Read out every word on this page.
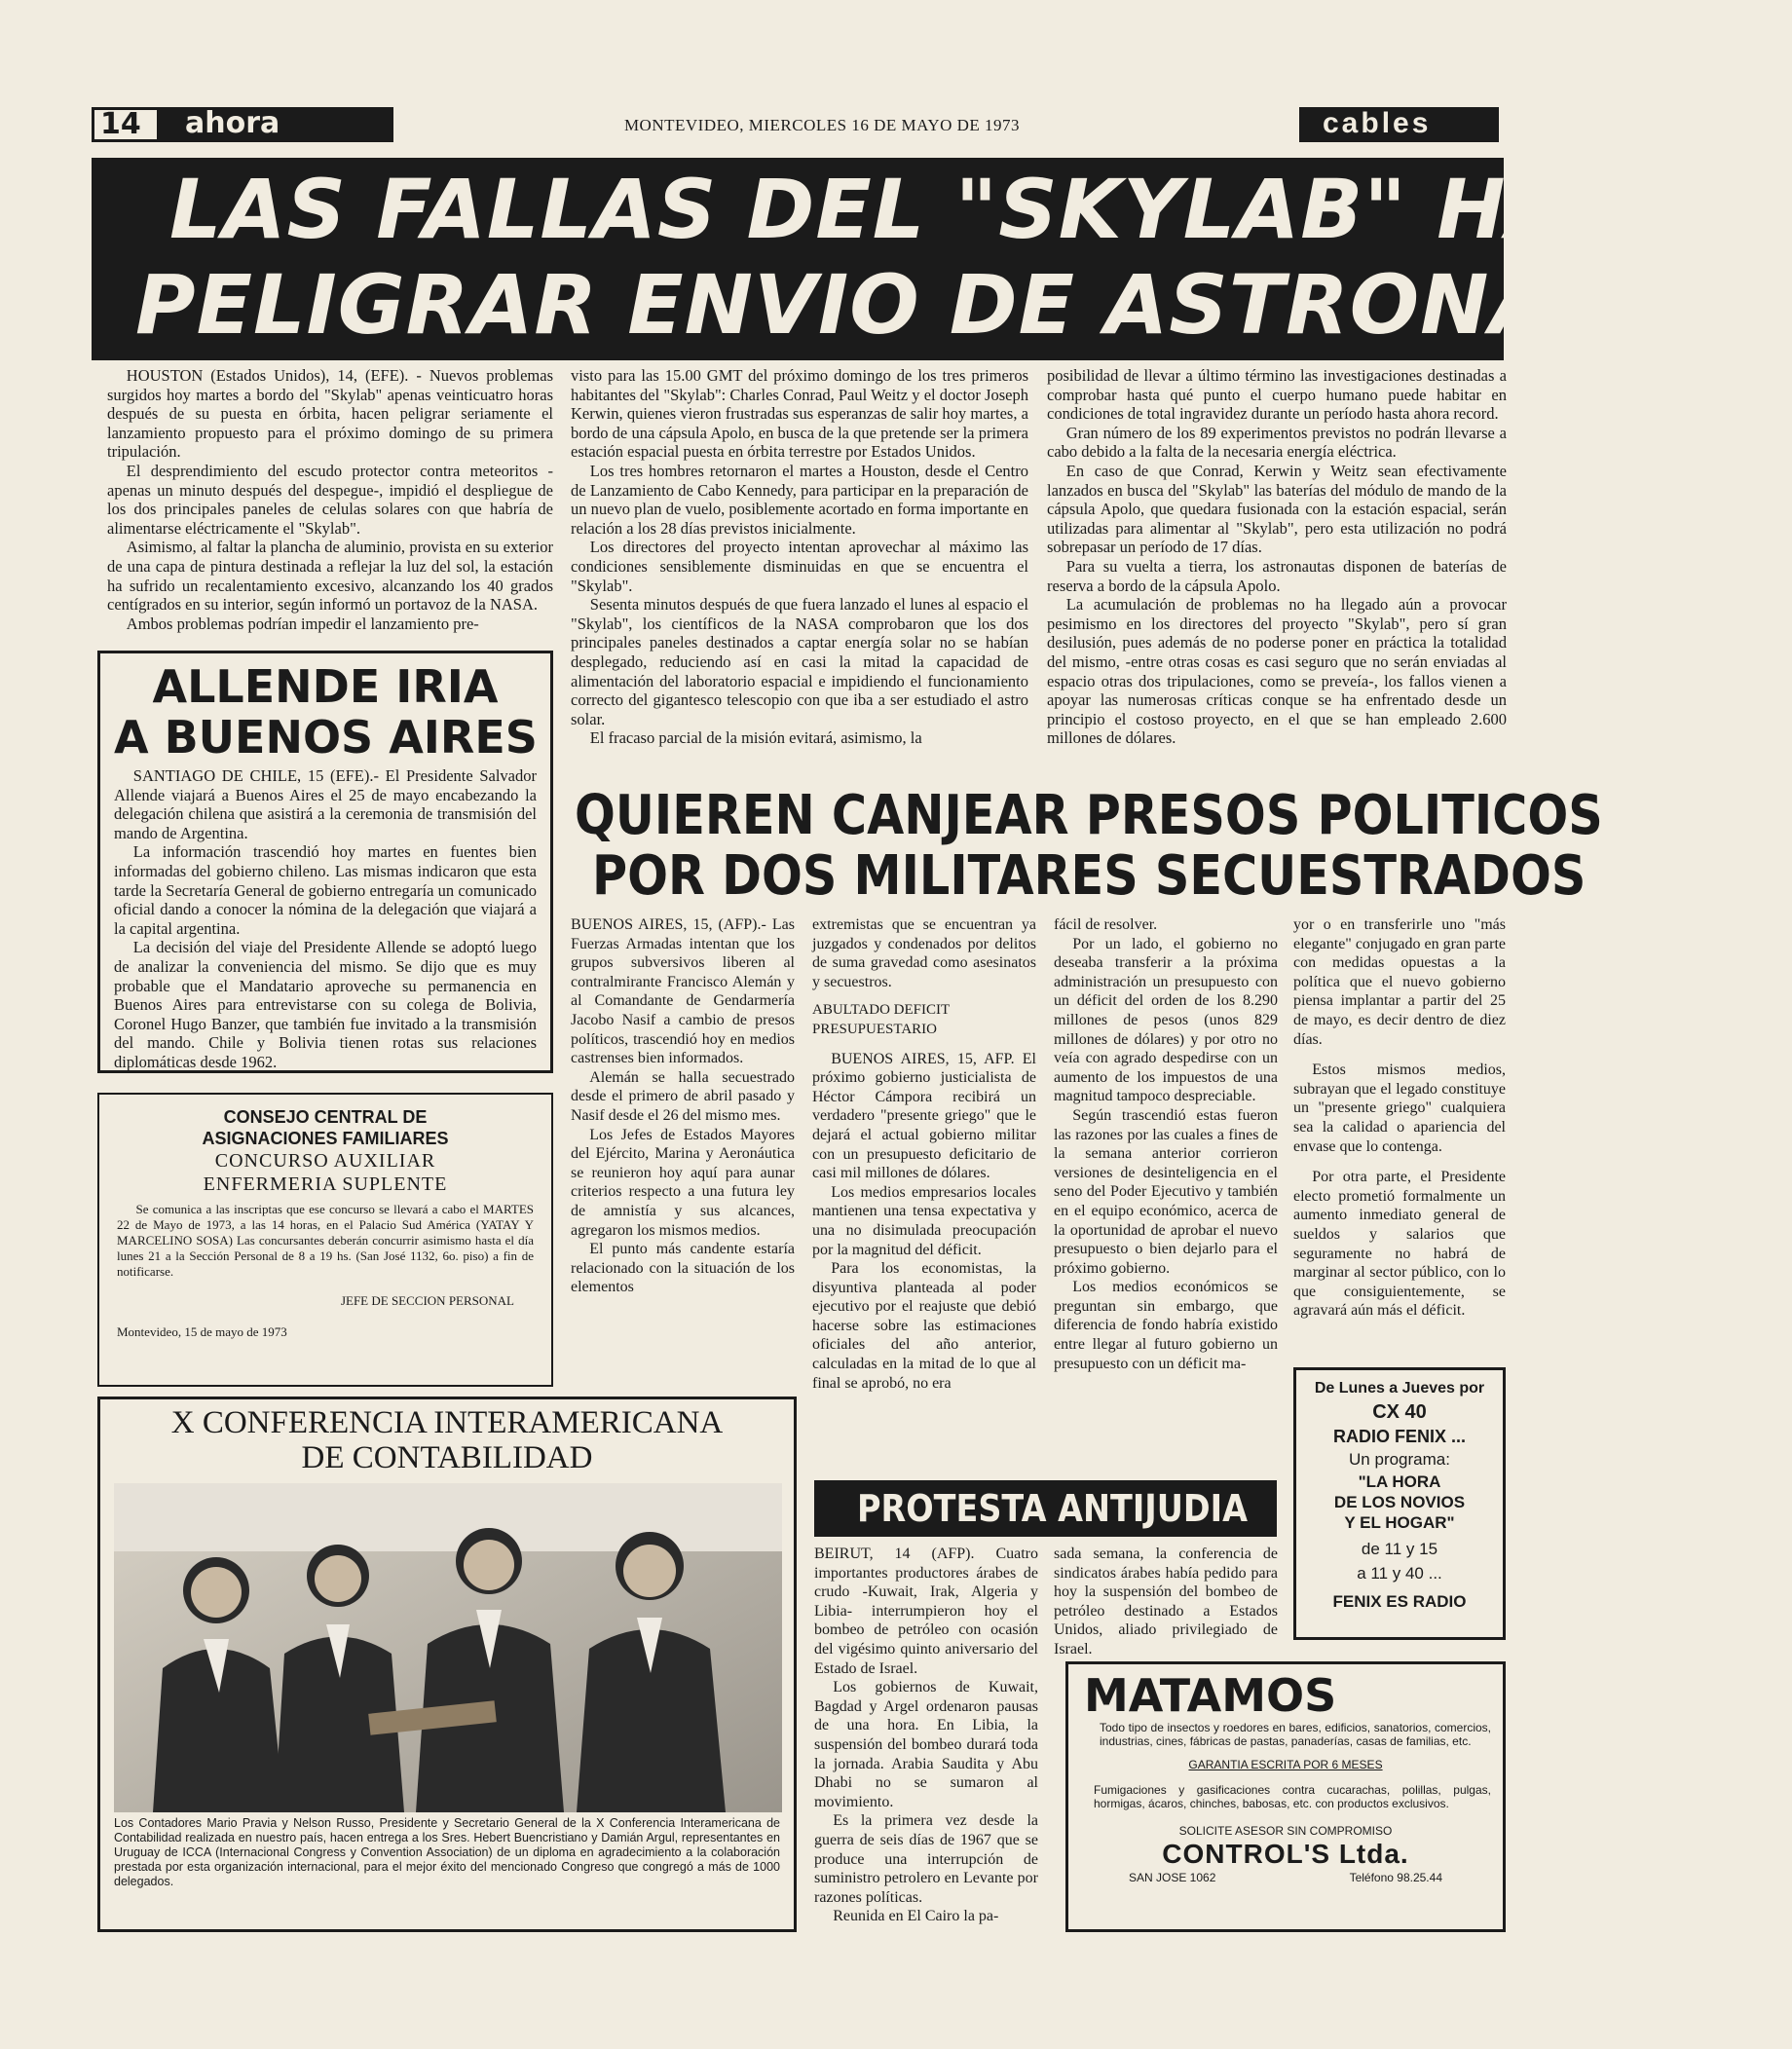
14 ahora	MONTEVIDEO, MIERCOLES 16 DE MAYO DE 1973	cables
LAS FALLAS DEL "SKYLAB" HACEN
PELIGRAR ENVIO DE ASTRONAUTAS

HOUSTON (Estados Unidos), 14, (EFE). - Nuevos problemas surgidos hoy martes a bordo del "Skylab" apenas veinticuatro horas después de su puesta en órbita, hacen peligrar seriamente el lanzamiento propuesto para el próximo domingo de su primera tripulación.

El desprendimiento del escudo protector contra meteoritos -apenas un minuto después del despegue-, impidió el despliegue de los dos principales paneles de celulas solares con que habría de alimentarse eléctricamente el "Skylab".

Asimismo, al faltar la plancha de aluminio, provista en su exterior de una capa de pintura destinada a reflejar la luz del sol, la estación ha sufrido un recalentamiento excesivo, alcanzando los 40 grados centígrados en su interior, según informó un portavoz de la NASA.

Ambos problemas podrían impedir el lanzamiento pre-

visto para las 15.00 GMT del próximo domingo de los tres primeros habitantes del "Skylab": Charles Conrad, Paul Weitz y el doctor Joseph Kerwin, quienes vieron frustradas sus esperanzas de salir hoy martes, a bordo de una cápsula Apolo, en busca de la que pretende ser la primera estación espacial puesta en órbita terrestre por Estados Unidos.

Los tres hombres retornaron el martes a Houston, desde el Centro de Lanzamiento de Cabo Kennedy, para participar en la preparación de un nuevo plan de vuelo, posiblemente acortado en forma importante en relación a los 28 días previstos inicialmente.

Los directores del proyecto intentan aprovechar al máximo las condiciones sensiblemente disminuidas en que se encuentra el "Skylab".

Sesenta minutos después de que fuera lanzado el lunes al espacio el "Skylab", los científicos de la NASA comprobaron que los dos principales paneles destinados a captar energía solar no se habían desplegado, reduciendo así en casi la mitad la capacidad de alimentación del laboratorio espacial e impidiendo el funcionamiento correcto del gigantesco telescopio con que iba a ser estudiado el astro solar.

El fracaso parcial de la misión evitará, asimismo, la

posibilidad de llevar a último término las investigaciones destinadas a comprobar hasta qué punto el cuerpo humano puede habitar en condiciones de total ingravidez durante un período hasta ahora record.

Gran número de los 89 experimentos previstos no podrán llevarse a cabo debido a la falta de la necesaria energía eléctrica.

En caso de que Conrad, Kerwin y Weitz sean efectivamente lanzados en busca del "Skylab" las baterías del módulo de mando de la cápsula Apolo, que quedara fusionada con la estación espacial, serán utilizadas para alimentar al "Skylab", pero esta utilización no podrá sobrepasar un período de 17 días.

Para su vuelta a tierra, los astronautas disponen de baterías de reserva a bordo de la cápsula Apolo.

La acumulación de problemas no ha llegado aún a provocar pesimismo en los directores del proyecto "Skylab", pero sí gran desilusión, pues además de no poderse poner en práctica la totalidad del mismo, -entre otras cosas es casi seguro que no serán enviadas al espacio otras dos tripulaciones, como se preveía-, los fallos vienen a apoyar las numerosas críticas conque se ha enfrentado desde un principio el costoso proyecto, en el que se han empleado 2.600 millones de dólares.

ALLENDE IRIA
A BUENOS AIRES

SANTIAGO DE CHILE, 15 (EFE).- El Presidente Salvador Allende viajará a Buenos Aires el 25 de mayo encabezando la delegación chilena que asistirá a la ceremonia de transmisión del mando de Argentina.

La información trascendió hoy martes en fuentes bien informadas del gobierno chileno. Las mismas indicaron que esta tarde la Secretaría General de gobierno entregaría un comunicado oficial dando a conocer la nómina de la delegación que viajará a la capital argentina.

La decisión del viaje del Presidente Allende se adoptó luego de analizar la conveniencia del mismo. Se dijo que es muy probable que el Mandatario aproveche su permanencia en Buenos Aires para entrevistarse con su colega de Bolivia, Coronel Hugo Banzer, que también fue invitado a la transmisión del mando. Chile y Bolivia tienen rotas sus relaciones diplomáticas desde 1962.

CONSEJO CENTRAL DE
ASIGNACIONES FAMILIARES
CONCURSO AUXILIAR
ENFERMERIA SUPLENTE
Se comunica a las inscriptas que ese concurso se llevará a cabo el MARTES 22 de Mayo de 1973, a las 14 horas, en el Palacio Sud América (YATAY Y MARCELINO SOSA) Las concursantes deberán concurrir asimismo hasta el día lunes 21 a la Sección Personal de 8 a 19 hs. (San José 1132, 6o. piso) a fin de notificarse.
JEFE DE SECCION PERSONAL
Montevideo, 15 de mayo de 1973
QUIEREN CANJEAR PRESOS POLITICOS
POR DOS MILITARES SECUESTRADOS

BUENOS AIRES, 15, (AFP).- Las Fuerzas Armadas intentan que los grupos subversivos liberen al contralmirante Francisco Alemán y al Comandante de Gendarmería Jacobo Nasif a cambio de presos políticos, trascendió hoy en medios castrenses bien informados.

Alemán se halla secuestrado desde el primero de abril pasado y Nasif desde el 26 del mismo mes.

Los Jefes de Estados Mayores del Ejército, Marina y Aeronáutica se reunieron hoy aquí para aunar criterios respecto a una futura ley de amnistía y sus alcances, agregaron los mismos medios.

El punto más candente estaría relacionado con la situación de los elementos

extremistas que se encuentran ya juzgados y condenados por delitos de suma gravedad como asesinatos y secuestros.

ABULTADO DEFICIT
PRESUPUESTARIO

BUENOS AIRES, 15, AFP. El próximo gobierno justicialista de Héctor Cámpora recibirá un verdadero "presente griego" que le dejará el actual gobierno militar con un presupuesto deficitario de casi mil millones de dólares.

Los medios empresarios locales mantienen una tensa expectativa y una no disimulada preocupación por la magnitud del déficit.

Para los economistas, la disyuntiva planteada al poder ejecutivo por el reajuste que debió hacerse sobre las estimaciones oficiales del año anterior, calculadas en la mitad de lo que al final se aprobó, no era

fácil de resolver.

Por un lado, el gobierno no deseaba transferir a la próxima administración un presupuesto con un déficit del orden de los 8.290 millones de pesos (unos 829 millones de dólares) y por otro no veía con agrado despedirse con un aumento de los impuestos de una magnitud tampoco despreciable.

Según trascendió estas fueron las razones por las cuales a fines de la semana anterior corrieron versiones de desinteligencia en el seno del Poder Ejecutivo y también en el equipo económico, acerca de la oportunidad de aprobar el nuevo presupuesto o bien dejarlo para el próximo gobierno.

Los medios económicos se preguntan sin embargo, que diferencia de fondo habría existido entre llegar al futuro gobierno un presupuesto con un déficit ma-

yor o en transferirle uno "más elegante" conjugado en gran parte con medidas opuestas a la política que el nuevo gobierno piensa implantar a partir del 25 de mayo, es decir dentro de diez días.

Estos mismos medios, subrayan que el legado constituye un "presente griego" cualquiera sea la calidad o apariencia del envase que lo contenga.

Por otra parte, el Presidente electo prometió formalmente un aumento inmediato general de sueldos y salarios que seguramente no habrá de marginar al sector público, con lo que consiguientemente, se agravará aún más el déficit.

X CONFERENCIA INTERAMERICANA
DE CONTABILIDAD
Los Contadores Mario Pravia y Nelson Russo, Presidente y Secretario General de la X Conferencia Interamericana de Contabilidad realizada en nuestro país, hacen entrega a los Sres. Hebert Buencristiano y Damián Argul, representantes en Uruguay de ICCA (Internacional Congress y Convention Association) de un diploma en agradecimiento a la colaboración prestada por esta organización internacional, para el mejor éxito del mencionado Congreso que congregó a más de 1000 delegados.
PROTESTA ANTIJUDIA

BEIRUT, 14 (AFP). Cuatro importantes productores árabes de crudo -Kuwait, Irak, Algeria y Libia- interrumpieron hoy el bombeo de petróleo con ocasión del vigésimo quinto aniversario del Estado de Israel.

Los gobiernos de Kuwait, Bagdad y Argel ordenaron pausas de una hora. En Libia, la suspensión del bombeo durará toda la jornada. Arabia Saudita y Abu Dhabi no se sumaron al movimiento.

Es la primera vez desde la guerra de seis días de 1967 que se produce una interrupción de suministro petrolero en Levante por razones políticas.

Reunida en El Cairo la pa-

sada semana, la conferencia de sindicatos árabes había pedido para hoy la suspensión del bombeo de petróleo destinado a Estados Unidos, aliado privilegiado de Israel.

De Lunes a Jueves por
CX 40
RADIO FENIX ...
Un programa:
"LA HORA
DE LOS NOVIOS
Y EL HOGAR"
de 11 y 15
a 11 y 40 ...
FENIX ES RADIO
MATAMOS
Todo tipo de insectos y roedores en bares, edificios, sanatorios, comercios, industrias, cines, fábricas de pastas, panaderías, casas de familias, etc.
GARANTIA ESCRITA POR 6 MESES
Fumigaciones y gasificaciones contra cucarachas, polillas, pulgas, hormigas, ácaros, chinches, babosas, etc. con productos exclusivos.
SOLICITE ASESOR SIN COMPROMISO
CONTROL'S Ltda.
SAN JOSE 1062	Teléfono 98.25.44
